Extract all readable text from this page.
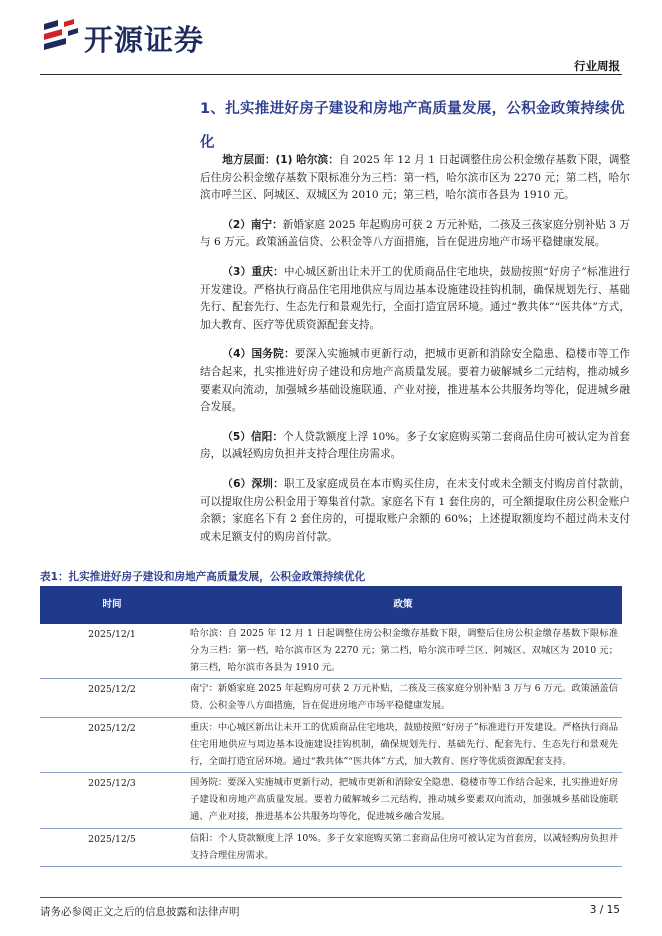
开源证券
行业周报
1、扎实推进好房子建设和房地产高质量发展，公积金政策持续优化

地方层面：(1) 哈尔滨：自 2025 年 12 月 1 日起调整住房公积金缴存基数下限，调整后住房公积金缴存基数下限标准分为三档：第一档，哈尔滨市区为 2270 元；第二档，哈尔滨市呼兰区、阿城区、双城区为 2010 元；第三档，哈尔滨市各县为 1910 元。

（2）南宁：新婚家庭 2025 年起购房可获 2 万元补贴，二孩及三孩家庭分别补贴 3 万与 6 万元。政策涵盖信贷、公积金等八方面措施，旨在促进房地产市场平稳健康发展。

（3）重庆：中心城区新出让未开工的优质商品住宅地块，鼓励按照“好房子”标准进行开发建设。严格执行商品住宅用地供应与周边基本设施建设挂钩机制，确保规划先行、基础先行、配套先行、生态先行和景观先行，全面打造宜居环境。通过“教共体”“医共体”方式，加大教育、医疗等优质资源配套支持。

（4）国务院：要深入实施城市更新行动，把城市更新和消除安全隐患、稳楼市等工作结合起来，扎实推进好房子建设和房地产高质量发展。要着力破解城乡二元结构，推动城乡要素双向流动，加强城乡基础设施联通、产业对接，推进基本公共服务均等化，促进城乡融合发展。

（5）信阳：个人贷款额度上浮 10%。多子女家庭购买第二套商品住房可被认定为首套房，以减轻购房负担并支持合理住房需求。

（6）深圳：职工及家庭成员在本市购买住房，在未支付或未全额支付购房首付款前，可以提取住房公积金用于筹集首付款。家庭名下有 1 套住房的，可全额提取住房公积金账户余额；家庭名下有 2 套住房的，可提取账户余额的 60%；上述提取额度均不超过尚未支付或未足额支付的购房首付款。

表1：扎实推进好房子建设和房地产高质量发展，公积金政策持续优化
时间	政策
2025/12/1	哈尔滨：自 2025 年 12 月 1 日起调整住房公积金缴存基数下限，调整后住房公积金缴存基数下限标准分为三档：第一档，哈尔滨市区为 2270 元；第二档，哈尔滨市呼兰区、阿城区、双城区为 2010 元；第三档，哈尔滨市各县为 1910 元。
2025/12/2	南宁：新婚家庭 2025 年起购房可获 2 万元补贴，二孩及三孩家庭分别补贴 3 万与 6 万元。政策涵盖信贷、公积金等八方面措施，旨在促进房地产市场平稳健康发展。
2025/12/2	重庆：中心城区新出让未开工的优质商品住宅地块，鼓励按照“好房子”标准进行开发建设。严格执行商品住宅用地供应与周边基本设施建设挂钩机制，确保规划先行、基础先行、配套先行、生态先行和景观先行，全面打造宜居环境。通过“教共体”“医共体”方式，加大教育、医疗等优质资源配套支持。
2025/12/3	国务院：要深入实施城市更新行动，把城市更新和消除安全隐患、稳楼市等工作结合起来，扎实推进好房子建设和房地产高质量发展。要着力破解城乡二元结构，推动城乡要素双向流动，加强城乡基础设施联通、产业对接，推进基本公共服务均等化，促进城乡融合发展。
2025/12/5	信阳：个人贷款额度上浮 10%。多子女家庭购买第二套商品住房可被认定为首套房，以减轻购房负担并支持合理住房需求。
请务必参阅正文之后的信息披露和法律声明	3 / 15
